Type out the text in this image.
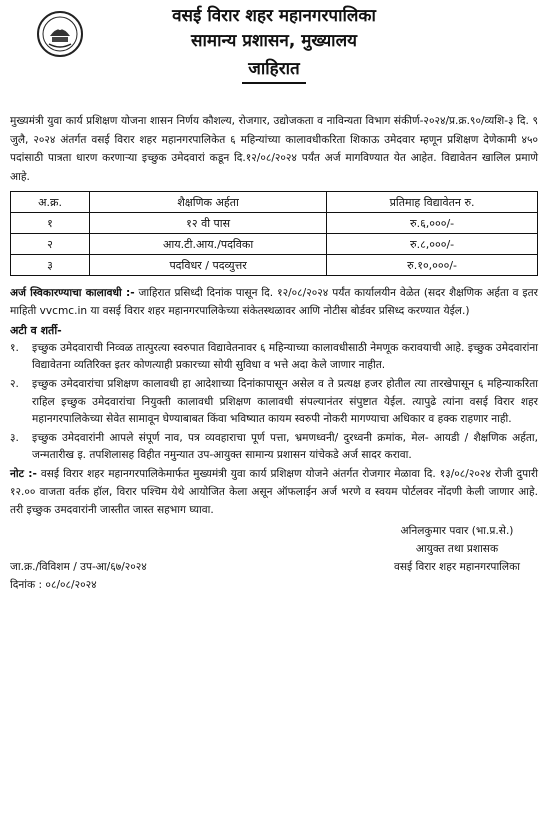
वसई विरार शहर महानगरपालिका
सामान्य प्रशासन, मुख्यालय
जाहिरात
मुख्यमंत्री युवा कार्य प्रशिक्षण योजना शासन निर्णय कौशल्य, रोजगार, उद्योजकता व नाविन्यता विभाग संकीर्ण-२०२४/प्र.क्र.९०/व्यशि-३ दि. ९ जुलै, २०२४ अंतर्गत वसई विरार शहर महानगरपालिकेत ६ महिन्यांच्या कालावधीकरिता शिकाऊ उमेदवार म्हणून प्रशिक्षण देणेकामी ४५० पदांसाठी पात्रता धारण करणाऱ्या इच्छुक उमेदवारां कडून दि.१२/०८/२०२४ पर्यंत अर्ज मागविण्यात येत आहेत. विद्यावेतन खालिल प्रमाणे आहे.
अ.क्र.	शैक्षणिक अर्हता	प्रतिमाह विद्यावेतन रु.
१	१२ वी पास	रु.६,०००/-
२	आय.टी.आय./पदविका	रु.८,०००/-
३	पदविधर / पदव्युत्तर	रु.१०,०००/-
अर्ज स्विकारण्याचा कालावधी :- जाहिरात प्रसिध्दी दिनांक पासून दि. १२/०८/२०२४ पर्यंत कार्यालयीन वेळेत (सदर शैक्षणिक अर्हता व इतर माहिती vvcmc.in या वसई विरार शहर महानगरपालिकेच्या संकेतस्थळावर आणि नोटीस बोर्डवर प्रसिध्द करण्यात येईल.)
अटी व शर्ती-
१.	इच्छुक उमेदवाराची निव्वळ तात्पुरत्या स्वरुपात विद्यावेतनावर ६ महिन्याच्या कालावधीसाठी नेमणूक करावयाची आहे. इच्छुक उमेदवारांना विद्यावेतना व्यतिरिक्त इतर कोणत्याही प्रकारच्या सोयी सुविधा व भत्ते अदा केले जाणार नाहीत.
२.	इच्छुक उमेदवारांचा प्रशिक्षण कालावधी हा आदेशाच्या दिनांकापासून असेल व ते प्रत्यक्ष हजर होतील त्या तारखेपासून ६ महिन्याकरिता राहिल इच्छुक उमेदवारांचा नियुक्ती कालावधी प्रशिक्षण कालावधी संपल्यानंतर संपुष्टात येईल. त्यापुढे त्यांना वसई विरार शहर महानगरपालिकेच्या सेवेत सामावून घेण्याबाबत किंवा भविष्यात कायम स्वरुपी नोकरी मागण्याचा अधिकार व हक्क राहणार नाही.
३.	इच्छुक उमेदवारांनी आपले संपूर्ण नाव, पत्र व्यवहाराचा पूर्ण पत्ता, भ्रमणध्वनी/ दुरध्वनी क्रमांक, मेल- आयडी / शैक्षणिक अर्हता, जन्मतारीख इ. तपशिलासह विहीत नमुन्यात उप-आयुक्त सामान्य प्रशासन यांचेकडे अर्ज सादर करावा.
नोट :- वसई विरार शहर महानगरपालिकेमार्फत मुख्यमंत्री युवा कार्य प्रशिक्षण योजने अंतर्गत रोजगार मेळावा दि. १३/०८/२०२४ रोजी दुपारी १२.०० वाजता वर्तक हॉल, विरार पश्चिम येथे आयोजित केला असून ऑफलाईन अर्ज भरणे व स्वयम पोर्टलवर नोंदणी केली जाणार आहे. तरी इच्छुक उमदवारांनी जास्तीत जास्त सहभाग घ्यावा.
अनिलकुमार पवार (भा.प्र.से.)
आयुक्त तथा प्रशासक
वसई विरार शहर महानगरपालिका
जा.क्र./विविशम / उप-आ/६७/२०२४
दिनांक : ०८/०८/२०२४
